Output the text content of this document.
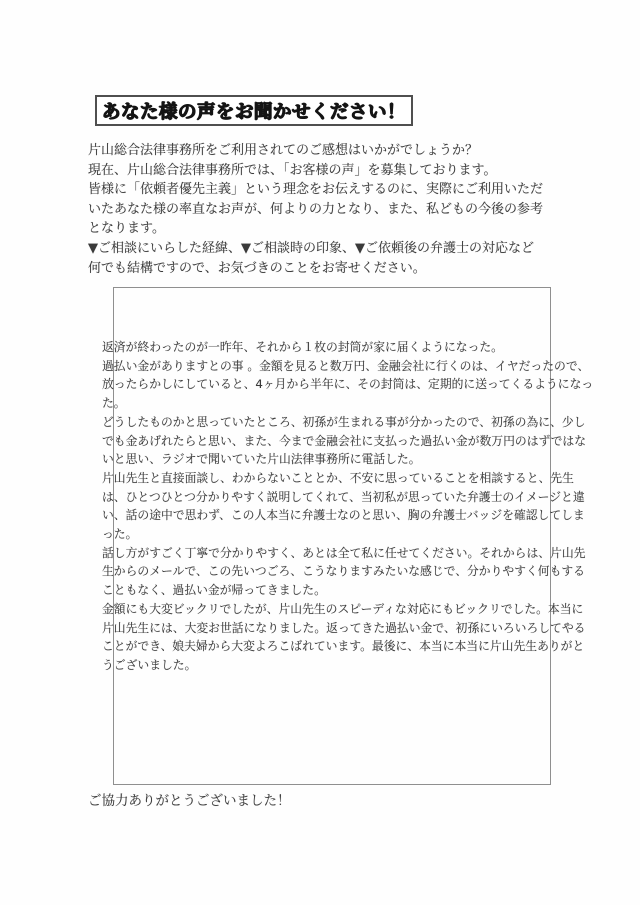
あなた様の声をお聞かせください！
片山総合法律事務所をご利用されてのご感想はいかがでしょうか？
現在、片山総合法律事務所では、「お客様の声」を募集しております。
皆様に「依頼者優先主義」という理念をお伝えするのに、実際にご利用いただ
いたあなた様の率直なお声が、何よりの力となり、また、私どもの今後の参考
となります。
▼ご相談にいらした経緯、▼ご相談時の印象、▼ご依頼後の弁護士の対応など
何でも結構ですので、お気づきのことをお寄せください。
返済が終わったのが一昨年、それから１枚の封筒が家に届くようになった。
過払い金がありますとの事 。金額を見ると数万円、金融会社に行くのは、イヤだったので、
放ったらかしにしていると、4ヶ月から半年に、その封筒は、定期的に送ってくるようになっ
た。
どうしたものかと思っていたところ、初孫が生まれる事が分かったので、初孫の為に、少し
でも金あげれたらと思い、また、今まで金融会社に支払った過払い金が数万円のはずではな
いと思い、ラジオで聞いていた片山法律事務所に電話した。
片山先生と直接面談し、わからないこととか、不安に思っていることを相談すると、先生
は、ひとつひとつ分かりやすく説明してくれて、当初私が思っていた弁護士のイメージと違
い、話の途中で思わず、この人本当に弁護士なのと思い、胸の弁護士バッジを確認してしま
った。
話し方がすごく丁寧で分かりやすく、あとは全て私に任せてください。それからは、片山先
生からのメールで、この先いつごろ、こうなりますみたいな感じで、分かりやすく何もする
こともなく、過払い金が帰ってきました。
金額にも大変ビックリでしたが、片山先生のスピーディな対応にもビックリでした。本当に
片山先生には、大変お世話になりました。返ってきた過払い金で、初孫にいろいろしてやる
ことができ、娘夫婦から大変よろこばれています。最後に、本当に本当に片山先生ありがと
うございました。
ご協力ありがとうございました！
